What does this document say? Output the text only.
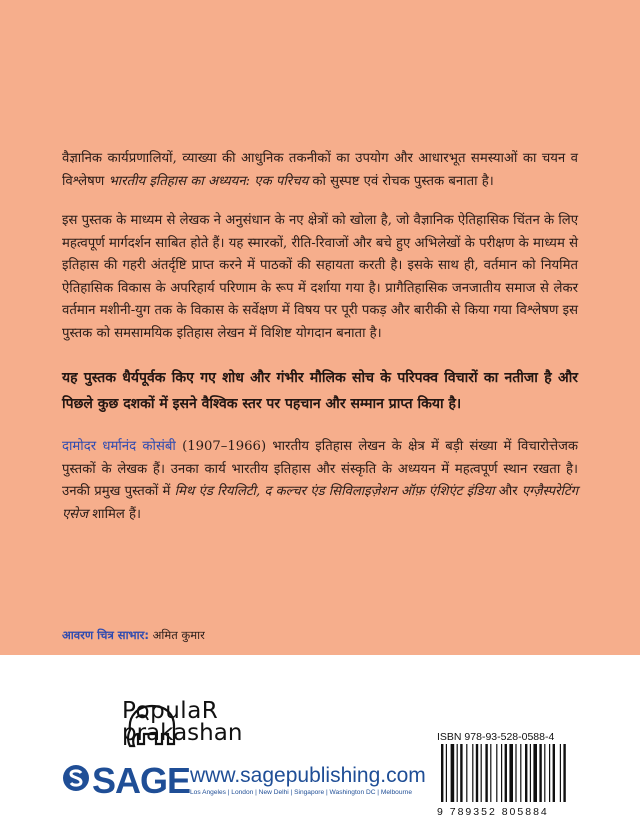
वैज्ञानिक कार्यप्रणालियों, व्याख्या की आधुनिक तकनीकों का उपयोग और आधारभूत समस्याओं का चयन व विश्लेषण भारतीय इतिहास का अध्ययन: एक परिचय को सुस्पष्ट एवं रोचक पुस्तक बनाता है।

इस पुस्तक के माध्यम से लेखक ने अनुसंधान के नए क्षेत्रों को खोला है, जो वैज्ञानिक ऐतिहासिक चिंतन के लिए महत्वपूर्ण मार्गदर्शन साबित होते हैं। यह स्मारकों, रीति-रिवाजों और बचे हुए अभिलेखों के परीक्षण के माध्यम से इतिहास की गहरी अंतर्दृष्टि प्राप्त करने में पाठकों की सहायता करती है। इसके साथ ही, वर्तमान को नियमित ऐतिहासिक विकास के अपरिहार्य परिणाम के रूप में दर्शाया गया है। प्रागैतिहासिक जनजातीय समाज से लेकर वर्तमान मशीनी-युग तक के विकास के सर्वेक्षण में विषय पर पूरी पकड़ और बारीकी से किया गया विश्लेषण इस पुस्तक को समसामयिक इतिहास लेखन में विशिष्ट योगदान बनाता है।

यह पुस्तक धैर्यपूर्वक किए गए शोध और गंभीर मौलिक सोच के परिपक्व विचारों का नतीजा है और पिछले कुछ दशकों में इसने वैश्विक स्तर पर पहचान और सम्मान प्राप्त किया है।

दामोदर धर्मानंद कोसंबी (1907–1966) भारतीय इतिहास लेखन के क्षेत्र में बड़ी संख्या में विचारोत्तेजक पुस्तकों के लेखक हैं। उनका कार्य भारतीय इतिहास और संस्कृति के अध्ययन में महत्वपूर्ण स्थान रखता है। उनकी प्रमुख पुस्तकों में मिथ एंड रियलिटी, द कल्चर एंड सिविलाइज़ेशन ऑफ़ एंशिएंट इंडिया और एग्ज़ैस्परेटिंग एसेज शामिल हैं।

आवरण चित्र साभार: अमित कुमार
PopulaR
prakashan
SAGE www.sagepublishing.com
Los Angeles | London | New Delhi | Singapore | Washington DC | Melbourne
ISBN 978-93-528-0588-4
9 789352 805884
